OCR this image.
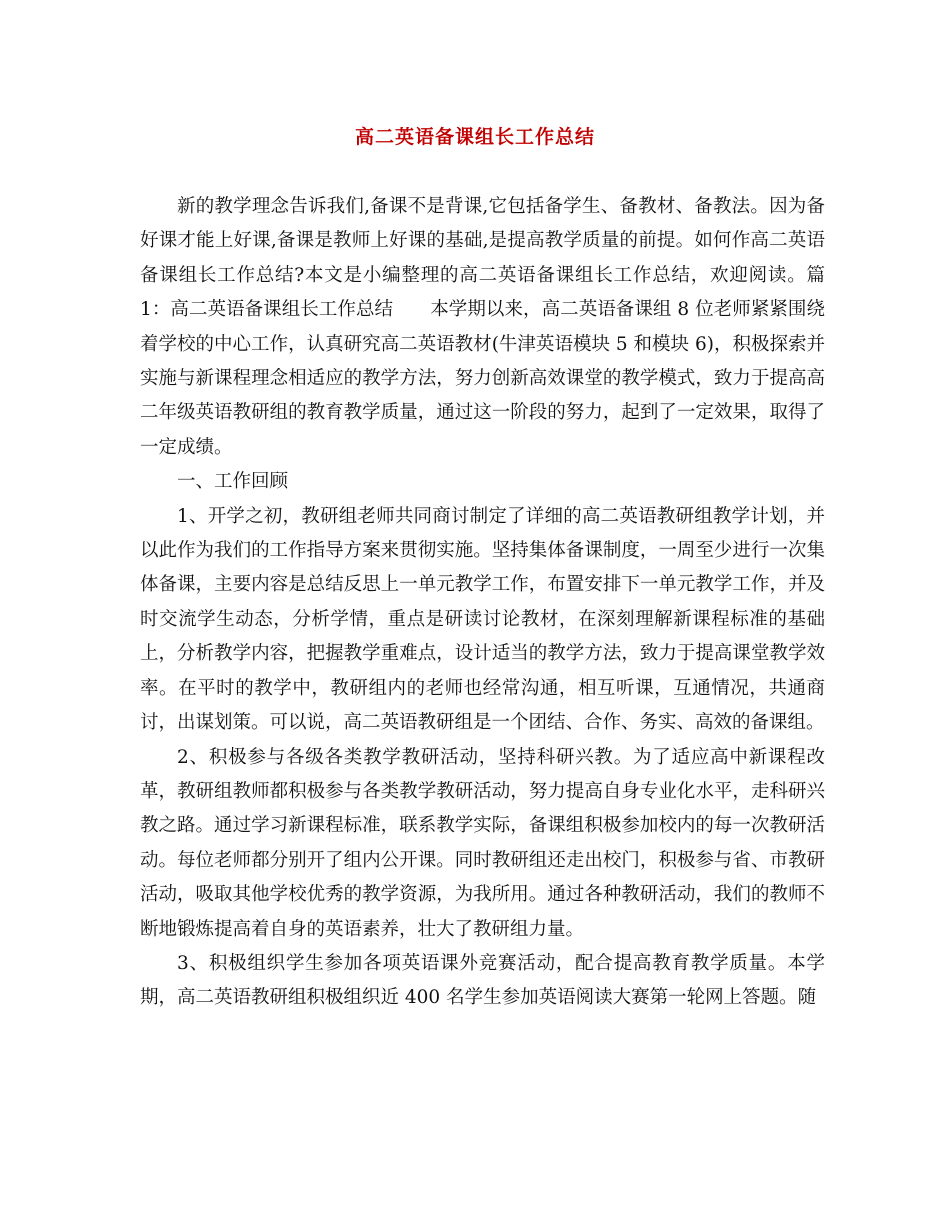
高二英语备课组长工作总结

新的教学理念告诉我们,备课不是背课,它包括备学生、备教材、备教法。因为备好课才能上好课,备课是教师上好课的基础,是提高教学质量的前提。如何作高二英语备课组长工作总结?本文是小编整理的高二英语备课组长工作总结，欢迎阅读。篇 1：高二英语备课组长工作总结　　本学期以来，高二英语备课组 8 位老师紧紧围绕着学校的中心工作，认真研究高二英语教材(牛津英语模块 5 和模块 6)，积极探索并实施与新课程理念相适应的教学方法，努力创新高效课堂的教学模式，致力于提高高二年级英语教研组的教育教学质量，通过这一阶段的努力，起到了一定效果，取得了一定成绩。

一、工作回顾

1、开学之初，教研组老师共同商讨制定了详细的高二英语教研组教学计划，并以此作为我们的工作指导方案来贯彻实施。坚持集体备课制度，一周至少进行一次集体备课，主要内容是总结反思上一单元教学工作，布置安排下一单元教学工作，并及时交流学生动态，分析学情，重点是研读讨论教材，在深刻理解新课程标准的基础上，分析教学内容，把握教学重难点，设计适当的教学方法，致力于提高课堂教学效率。在平时的教学中，教研组内的老师也经常沟通，相互听课，互通情况，共通商讨，出谋划策。可以说，高二英语教研组是一个团结、合作、务实、高效的备课组。

2、积极参与各级各类教学教研活动，坚持科研兴教。为了适应高中新课程改革，教研组教师都积极参与各类教学教研活动，努力提高自身专业化水平，走科研兴教之路。通过学习新课程标准，联系教学实际，备课组积极参加校内的每一次教研活动。每位老师都分别开了组内公开课。同时教研组还走出校门，积极参与省、市教研活动，吸取其他学校优秀的教学资源，为我所用。通过各种教研活动，我们的教师不断地锻炼提高着自身的英语素养，壮大了教研组力量。

3、积极组织学生参加各项英语课外竞赛活动，配合提高教育教学质量。本学期，高二英语教研组积极组织近 400 名学生参加英语阅读大赛第一轮网上答题。随
